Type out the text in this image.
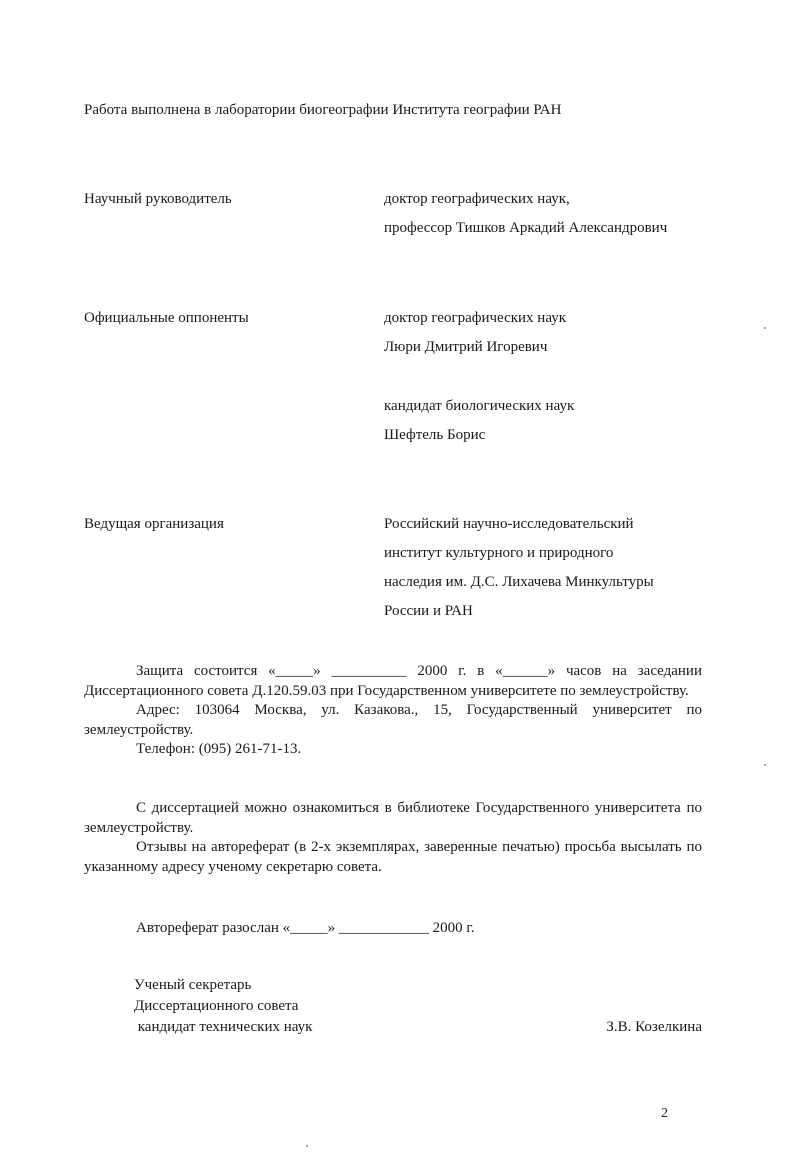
Работа выполнена в лаборатории биогеографии Института географии РАН
Научный руководитель	доктор географических наук,
профессор Тишков Аркадий Александрович
Официальные оппоненты	доктор географических наук
Люри Дмитрий Игоревич
кандидат биологических наук
Шефтель Борис
Ведущая организация	Российский научно-исследовательский
институт культурного и природного
наследия им. Д.С. Лихачева Минкультуры
России и РАН

Защита состоится «_____» __________ 2000 г. в «______» часов на заседании Диссертационного совета Д.120.59.03 при Государственном университете по землеустройству.

Адрес: 103064 Москва, ул. Казакова., 15, Государственный университет по землеустройству.

Телефон: (095) 261-71-13.

С диссертацией можно ознакомиться в библиотеке Государственного университета по землеустройству.

Отзывы на автореферат (в 2-х экземплярах, заверенные печатью) просьба высылать по указанному адресу ученому секретарю совета.

Автореферат разослан «_____» ____________ 2000 г.
Ученый секретарь
Диссертационного совета
кандидат технических наук	З.В. Козелкина
2
